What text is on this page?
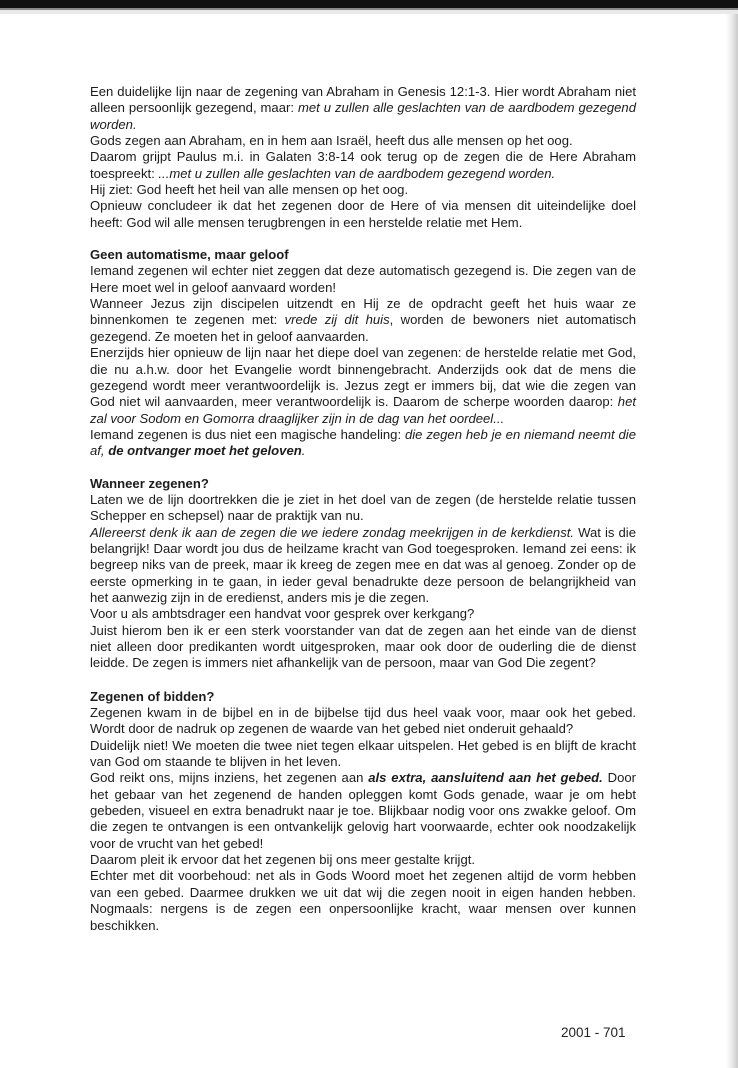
Een duidelijke lijn naar de zegening van Abraham in Genesis 12:1-3. Hier wordt Abraham niet alleen persoonlijk gezegend, maar: met u zullen alle geslachten van de aardbodem gezegend worden.

Gods zegen aan Abraham, en in hem aan Israël, heeft dus alle mensen op het oog.

Daarom grijpt Paulus m.i. in Galaten 3:8-14 ook terug op de zegen die de Here Abraham toespreekt: ...met u zullen alle geslachten van de aardbodem gezegend worden.

Hij ziet: God heeft het heil van alle mensen op het oog.

Opnieuw concludeer ik dat het zegenen door de Here of via mensen dit uiteindelijke doel heeft: God wil alle mensen terugbrengen in een herstelde relatie met Hem.

Geen automatisme, maar geloof

Iemand zegenen wil echter niet zeggen dat deze automatisch gezegend is. Die zegen van de Here moet wel in geloof aanvaard worden!

Wanneer Jezus zijn discipelen uitzendt en Hij ze de opdracht geeft het huis waar ze binnenkomen te zegenen met: vrede zij dit huis, worden de bewoners niet automatisch gezegend. Ze moeten het in geloof aanvaarden.

Enerzijds hier opnieuw de lijn naar het diepe doel van zegenen: de herstelde relatie met God, die nu a.h.w. door het Evangelie wordt binnengebracht. Anderzijds ook dat de mens die gezegend wordt meer verantwoordelijk is. Jezus zegt er immers bij, dat wie die zegen van God niet wil aanvaarden, meer verantwoordelijk is. Daarom de scherpe woorden daarop: het zal voor Sodom en Gomorra draaglijker zijn in de dag van het oordeel...

Iemand zegenen is dus niet een magische handeling: die zegen heb je en niemand neemt die af, de ontvanger moet het geloven.

Wanneer zegenen?

Laten we de lijn doortrekken die je ziet in het doel van de zegen (de herstelde relatie tussen Schepper en schepsel) naar de praktijk van nu.

Allereerst denk ik aan de zegen die we iedere zondag meekrijgen in de kerkdienst. Wat is die belangrijk! Daar wordt jou dus de heilzame kracht van God toegesproken. Iemand zei eens: ik begreep niks van de preek, maar ik kreeg de zegen mee en dat was al genoeg. Zonder op de eerste opmerking in te gaan, in ieder geval benadrukte deze persoon de belangrijkheid van het aanwezig zijn in de eredienst, anders mis je die zegen.

Voor u als ambtsdrager een handvat voor gesprek over kerkgang?

Juist hierom ben ik er een sterk voorstander van dat de zegen aan het einde van de dienst niet alleen door predikanten wordt uitgesproken, maar ook door de ouderling die de dienst leidde. De zegen is immers niet afhankelijk van de persoon, maar van God Die zegent?

Zegenen of bidden?

Zegenen kwam in de bijbel en in de bijbelse tijd dus heel vaak voor, maar ook het gebed. Wordt door de nadruk op zegenen de waarde van het gebed niet onderuit gehaald?

Duidelijk niet! We moeten die twee niet tegen elkaar uitspelen. Het gebed is en blijft de kracht van God om staande te blijven in het leven.

God reikt ons, mijns inziens, het zegenen aan als extra, aansluitend aan het gebed. Door het gebaar van het zegenend de handen opleggen komt Gods genade, waar je om hebt gebeden, visueel en extra benadrukt naar je toe. Blijkbaar nodig voor ons zwakke geloof. Om die zegen te ontvangen is een ontvankelijk gelovig hart voorwaarde, echter ook noodzakelijk voor de vrucht van het gebed!

Daarom pleit ik ervoor dat het zegenen bij ons meer gestalte krijgt.

Echter met dit voorbehoud: net als in Gods Woord moet het zegenen altijd de vorm hebben van een gebed. Daarmee drukken we uit dat wij die zegen nooit in eigen handen hebben. Nogmaals: nergens is de zegen een onpersoonlijke kracht, waar mensen over kunnen beschikken.

2001 - 701
